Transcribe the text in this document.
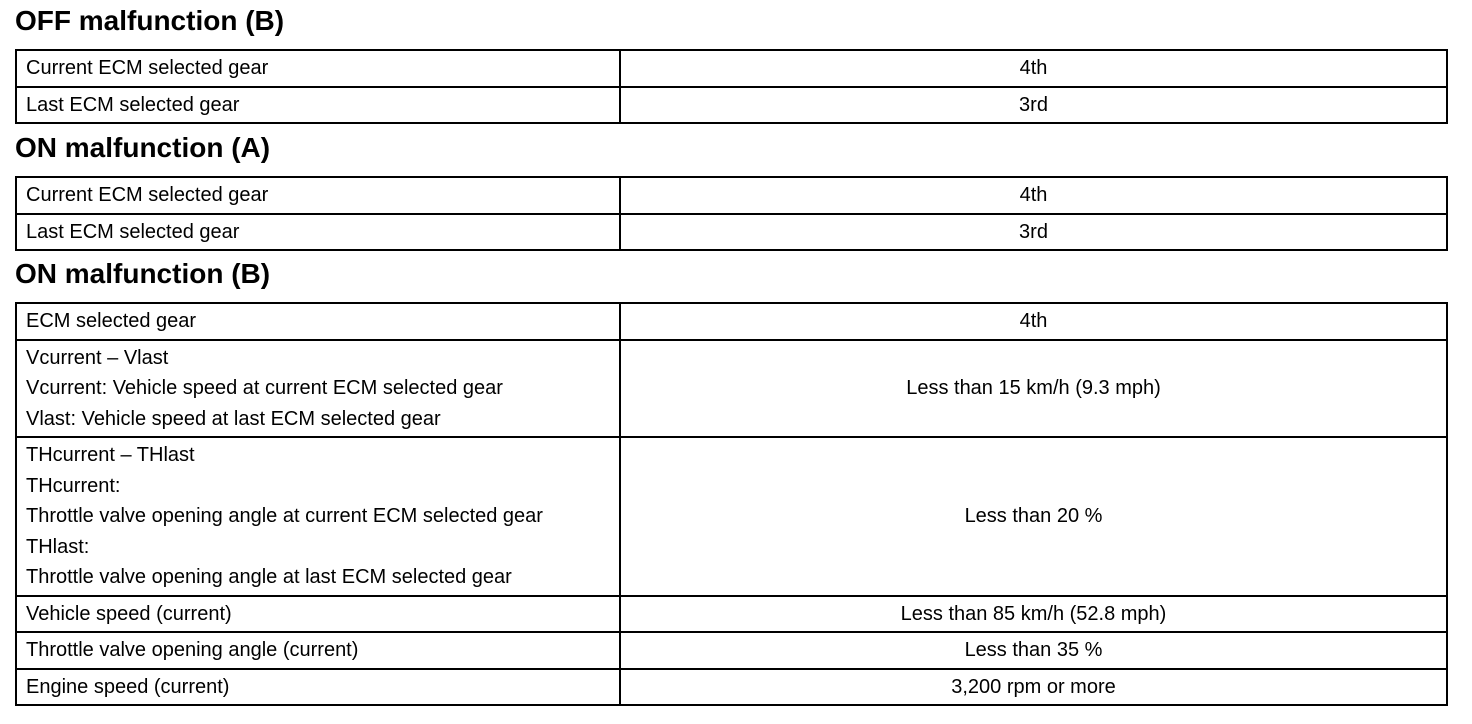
OFF malfunction (B)
Current ECM selected gear	4th
Last ECM selected gear	3rd
ON malfunction (A)
Current ECM selected gear	4th
Last ECM selected gear	3rd
ON malfunction (B)
ECM selected gear	4th

Vcurrent – Vlast
Vcurrent: Vehicle speed at current ECM selected gear
Vlast: Vehicle speed at last ECM selected gear	Less than 15 km/h (9.3 mph)

THcurrent – THlast
THcurrent:
Throttle valve opening angle at current ECM selected gear
THlast:
Throttle valve opening angle at last ECM selected gear	Less than 20 %
Vehicle speed (current)	Less than 85 km/h (52.8 mph)
Throttle valve opening angle (current)	Less than 35 %
Engine speed (current)	3,200 rpm or more
